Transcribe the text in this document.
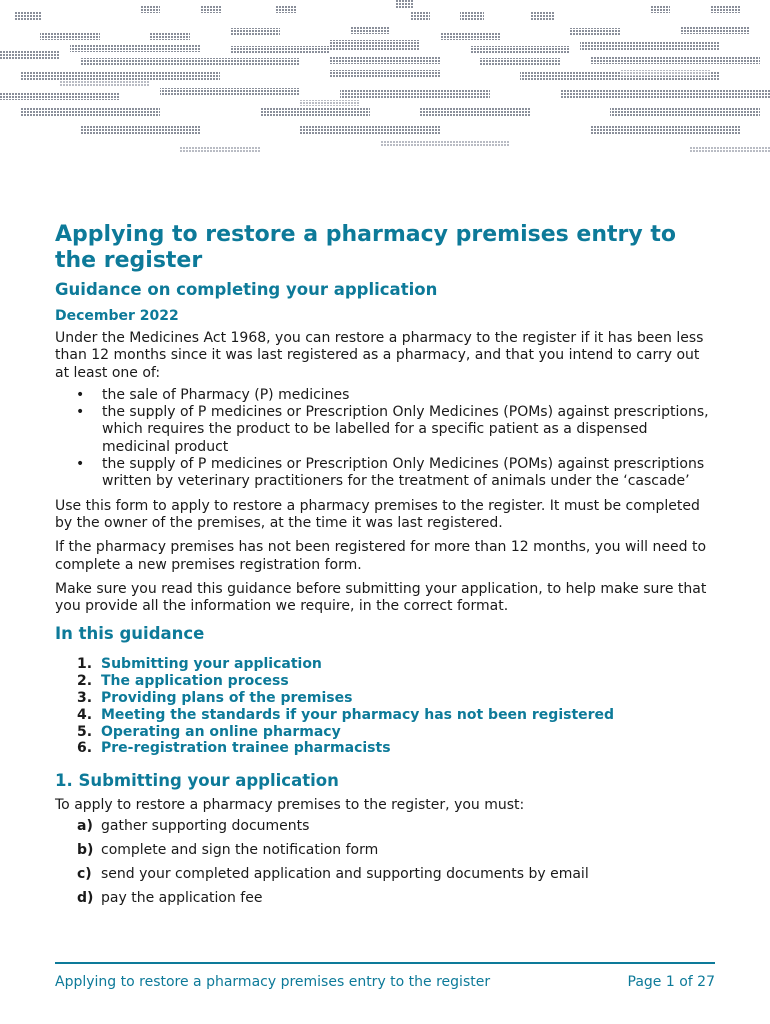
Applying to restore a pharmacy premises entry to the register
Guidance on completing your application
December 2022

Under the Medicines Act 1968, you can restore a pharmacy to the register if it has been less than 12 months since it was last registered as a pharmacy, and that you intend to carry out at least one of:

• the sale of Pharmacy (P) medicines
• the supply of P medicines or Prescription Only Medicines (POMs) against prescriptions, which requires the product to be labelled for a specific patient as a dispensed medicinal product
• the supply of P medicines or Prescription Only Medicines (POMs) against prescriptions written by veterinary practitioners for the treatment of animals under the ‘cascade’

Use this form to apply to restore a pharmacy premises to the register. It must be completed by the owner of the premises, at the time it was last registered.

If the pharmacy premises has not been registered for more than 12 months, you will need to complete a new premises registration form.

Make sure you read this guidance before submitting your application, to help make sure that you provide all the information we require, in the correct format.

In this guidance
1. Submitting your application
2. The application process
3. Providing plans of the premises
4. Meeting the standards if your pharmacy has not been registered
5. Operating an online pharmacy
6. Pre-registration trainee pharmacists
1. Submitting your application

To apply to restore a pharmacy premises to the register, you must:

a) gather supporting documents
b) complete and sign the notification form
c) send your completed application and supporting documents by email
d) pay the application fee
Applying to restore a pharmacy premises entry to the register	Page 1 of 27
